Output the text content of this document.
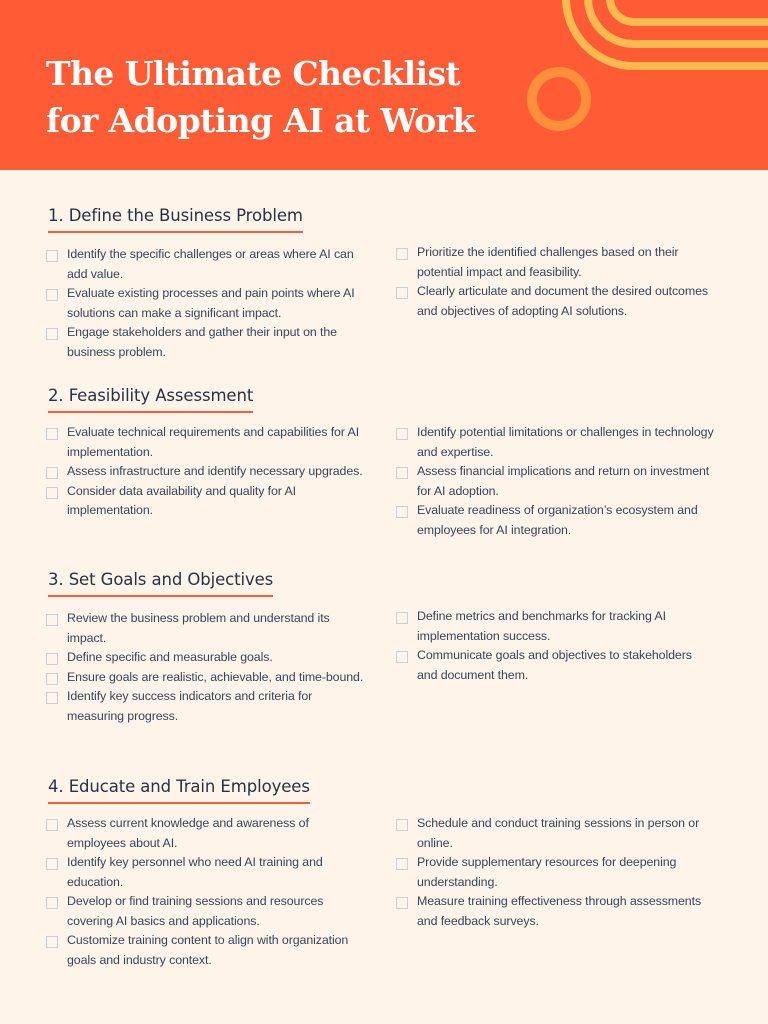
The Ultimate Checklist
for Adopting AI at Work
1. Define the Business Problem
Identify the specific challenges or areas where AI can add value.
Evaluate existing processes and pain points where AI solutions can make a significant impact.
Engage stakeholders and gather their input on the business problem.
Prioritize the identified challenges based on their potential impact and feasibility.
Clearly articulate and document the desired outcomes and objectives of adopting AI solutions.
2. Feasibility Assessment
Evaluate technical requirements and capabilities for AI implementation.
Assess infrastructure and identify necessary upgrades.
Consider data availability and quality for AI implementation.
Identify potential limitations or challenges in technology and expertise.
Assess financial implications and return on investment for AI adoption.
Evaluate readiness of organization’s ecosystem and employees for AI integration.
3. Set Goals and Objectives
Review the business problem and understand its impact.
Define specific and measurable goals.
Ensure goals are realistic, achievable, and time-bound.
Identify key success indicators and criteria for measuring progress.
Define metrics and benchmarks for tracking AI implementation success.
Communicate goals and objectives to stakeholders and document them.
4. Educate and Train Employees
Assess current knowledge and awareness of employees about AI.
Identify key personnel who need AI training and education.
Develop or find training sessions and resources covering AI basics and applications.
Customize training content to align with organization goals and industry context.
Schedule and conduct training sessions in person or online.
Provide supplementary resources for deepening understanding.
Measure training effectiveness through assessments and feedback surveys.
